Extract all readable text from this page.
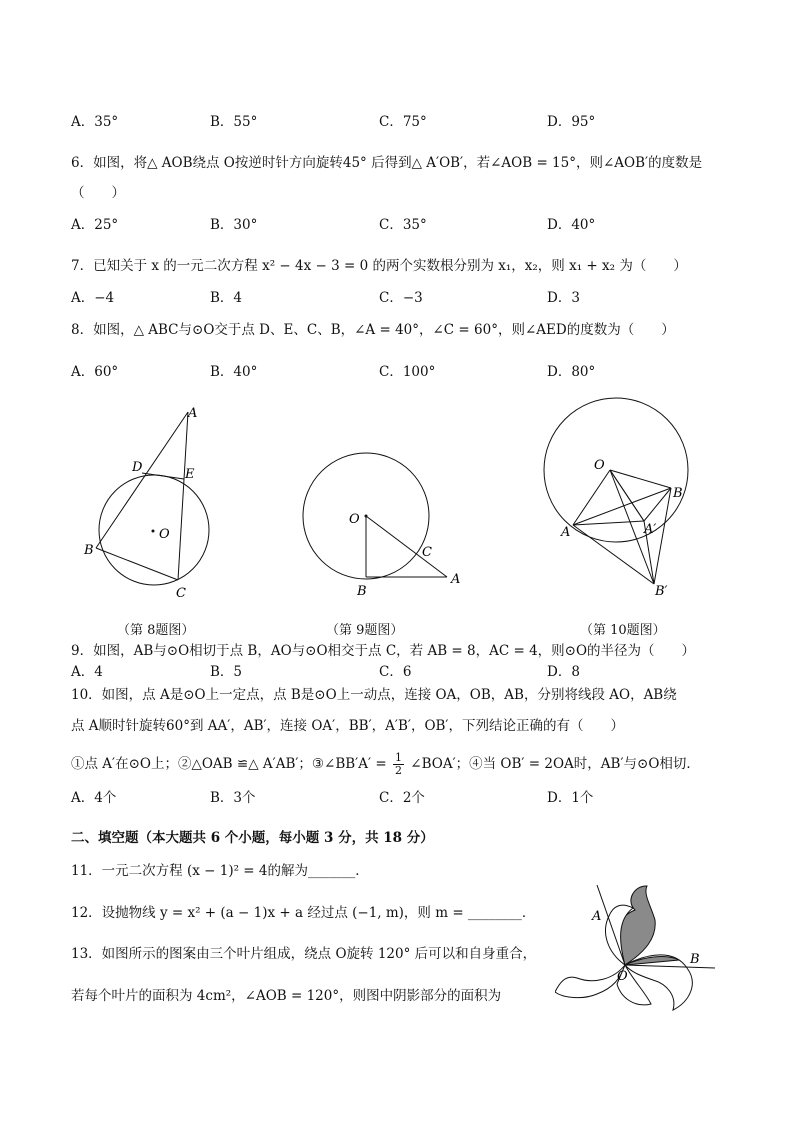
A．35°	B．55°	C．75°	D．95°
6．如图，将△ AOB绕点 O按逆时针方向旋转45° 后得到△ A′OB′，若∠AOB = 15°，则∠AOB′的度数是
（　　）
A．25°	B．30°	C．35°	D．40°
7．已知关于 x 的一元二次方程 x² − 4x − 3 = 0 的两个实数根分别为 x₁，x₂，则 x₁ + x₂ 为（　　）
A．−4	B．4	C．−3	D．3
8．如图，△ ABC与⊙O交于点 D、E、C、B，∠A = 40°，∠C = 60°，则∠AED的度数为（　　）
A．60°	B．40°	C．100°	D．80°
A
D	E
O
B
C
（第 8题图）
O
C
B
A
（第 9题图）
O
B
A	A′
B′
（第 10题图）
9．如图，AB与⊙O相切于点 B，AO与⊙O相交于点 C，若 AB = 8，AC = 4，则⊙O的半径为（　　）
A．4	B．5	C．6	D．8
10．如图，点 A是⊙O上一定点，点 B是⊙O上一动点，连接 OA，OB，AB，分别将线段 AO，AB绕
点 A顺时针旋转60°到 AA′，AB′，连接 OA′，BB′，A′B′，OB′，下列结论正确的有（　　）
①点 A′在⊙O上；②△OAB ≌△ A′AB′；③∠BB′A′ = $\frac{1}{2}$ ∠BOA′；④当 OB′ = 2OA时，AB′与⊙O相切．
A．4个	B．3个	C．2个	D．1个
二、填空题（本大题共 6 个小题，每小题 3 分，共 18 分）
11．一元二次方程 (x − 1)² = 4的解为_______．
12．设抛物线 y = x² + (a − 1)x + a 经过点 (−1, m)，则 m = ________．
13．如图所示的图案由三个叶片组成，绕点 O旋转 120° 后可以和自身重合，
若每个叶片的面积为 4cm²，∠AOB = 120°，则图中阴影部分的面积为
A
O
B
